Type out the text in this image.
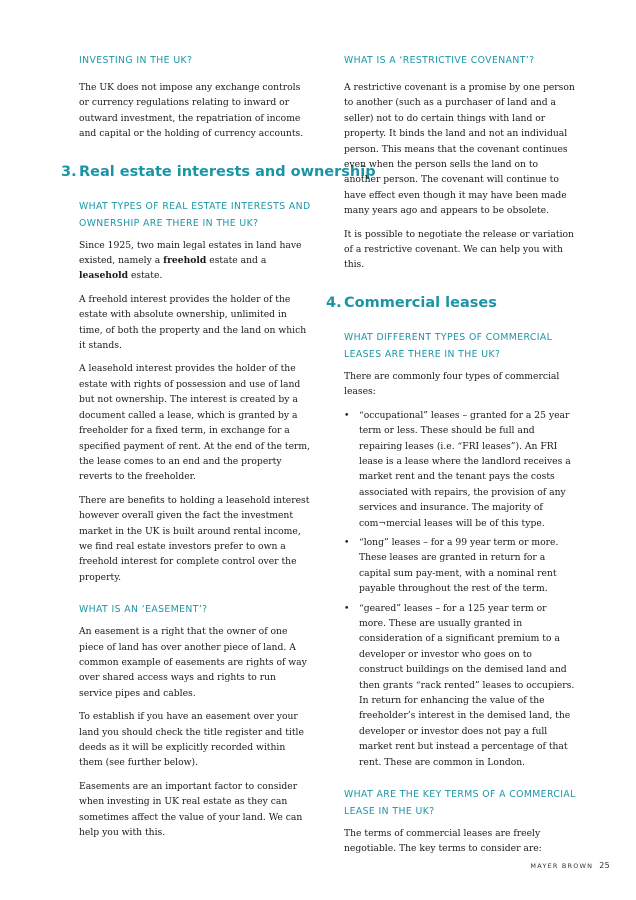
INVESTING IN THE UK?

The UK does not impose any exchange controls or currency regulations relating to inward or outward investment, the repatriation of income and capital or the holding of currency accounts.

3. Real estate interests and ownership

WHAT TYPES OF REAL ESTATE INTERESTS AND OWNERSHIP ARE THERE IN THE UK?

Since 1925, two main legal estates in land have existed, namely a freehold estate and a leasehold estate.

A freehold interest provides the holder of the estate with absolute ownership, unlimited in time, of both the property and the land on which it stands.

A leasehold interest provides the holder of the estate with rights of possession and use of land but not ownership. The interest is created by a document called a lease, which is granted by a freeholder for a fixed term, in exchange for a specified payment of rent. At the end of the term, the lease comes to an end and the property reverts to the freeholder.

There are benefits to holding a leasehold interest however overall given the fact the investment market in the UK is built around rental income, we find real estate investors prefer to own a freehold interest for complete control over the property.

WHAT IS AN ‘EASEMENT’?

An easement is a right that the owner of one piece of land has over another piece of land. A common example of easements are rights of way over shared access ways and rights to run service pipes and cables.

To establish if you have an easement over your land you should check the title register and title deeds as it will be explicitly recorded within them (see further below).

Easements are an important factor to consider when investing in UK real estate as they can sometimes affect the value of your land. We can help you with this.

WHAT IS A ‘RESTRICTIVE COVENANT’?

A restrictive covenant is a promise by one person to another (such as a purchaser of land and a seller) not to do certain things with land or property. It binds the land and not an individual person. This means that the covenant continues even when the person sells the land on to another person. The covenant will continue to have effect even though it may have been made many years ago and appears to be obsolete.

It is possible to negotiate the release or variation of a restrictive covenant. We can help you with this.

4. Commercial leases

WHAT DIFFERENT TYPES OF COMMERCIAL LEASES ARE THERE IN THE UK?

There are commonly four types of commercial leases:

• “occupational” leases – granted for a 25 year term or less. These should be full and repairing leases (i.e. “FRI leases”). An FRI lease is a lease where the landlord receives a market rent and the tenant pays the costs associated with repairs, the provision of any services and insurance. The majority of com¬mercial leases will be of this type.
• “long” leases – for a 99 year term or more. These leases are granted in return for a capital sum pay-ment, with a nominal rent payable throughout the rest of the term.
• “geared” leases – for a 125 year term or more. These are usually granted in consideration of a significant premium to a developer or investor who goes on to construct buildings on the demised land and then grants “rack rented” leases to occupiers. In return for enhancing the value of the freeholder’s interest in the demised land, the developer or investor does not pay a full market rent but instead a percentage of that rent. These are common in London.

WHAT ARE THE KEY TERMS OF A COMMERCIAL LEASE IN THE UK?

The terms of commercial leases are freely negotiable. The key terms to consider are:

MAYER BROWN 25
